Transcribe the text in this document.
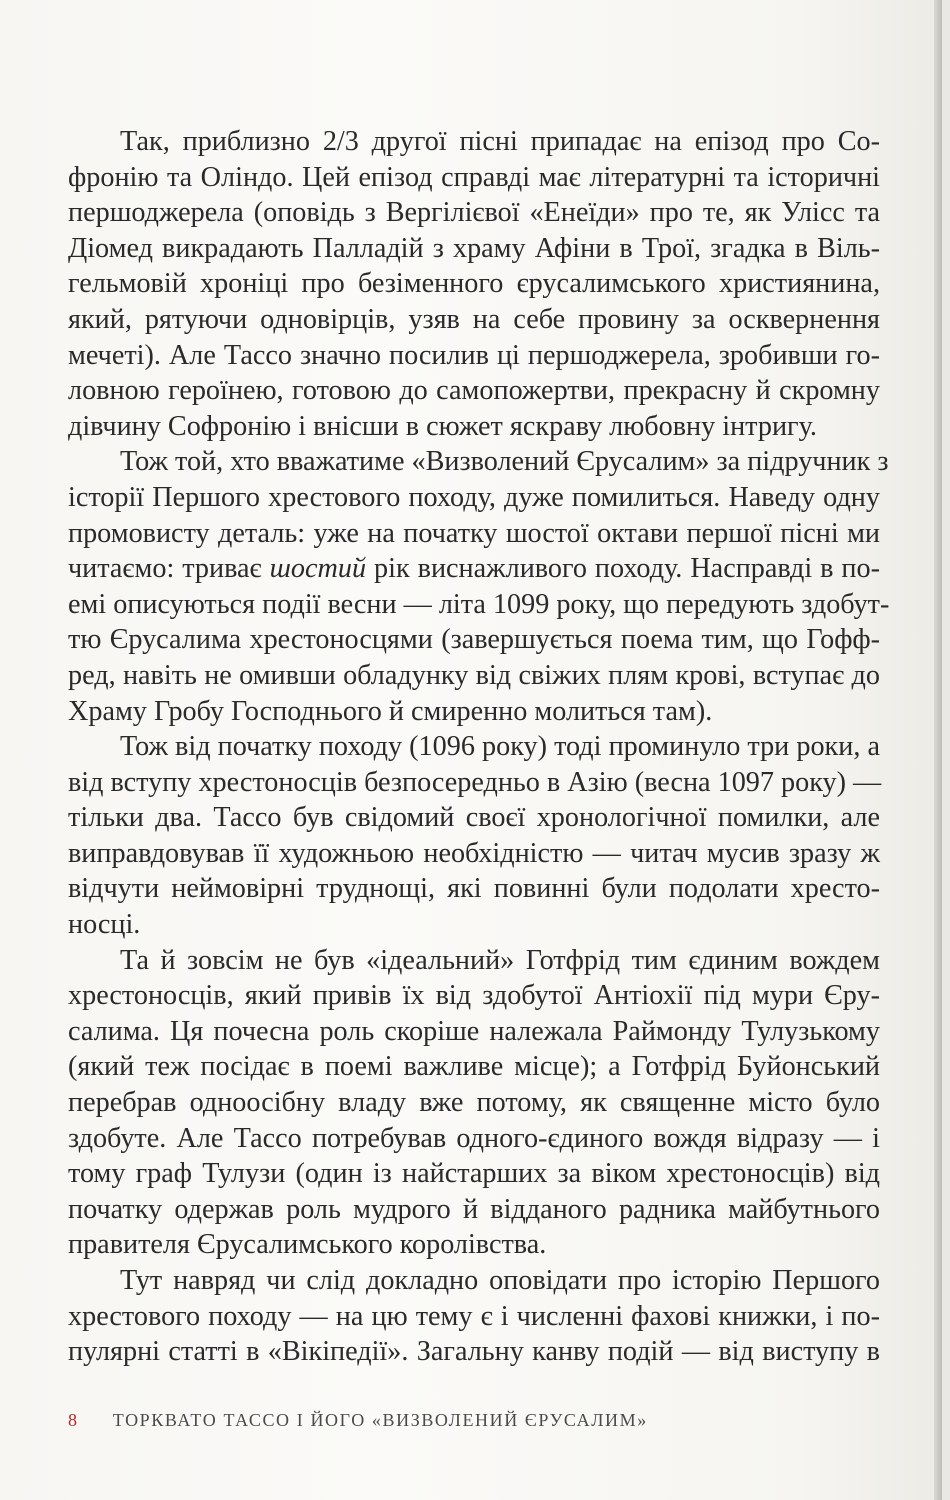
Так, приблизно 2/3 другої пісні припадає на епізод про Со-
фронію та Оліндо. Цей епізод справді має літературні та історичні
першоджерела (оповідь з Вергілієвої «Енеїди» про те, як Улісс та
Діомед викрадають Палладій з храму Афіни в Трої, згадка в Віль-
гельмовій хроніці про безіменного єрусалимського християнина,
який, рятуючи одновірців, узяв на себе провину за осквернення
мечеті). Але Тассо значно посилив ці першоджерела, зробивши го-
ловною героїнею, готовою до самопожертви, прекрасну й скромну
дівчину Софронію і внісши в сюжет яскраву любовну інтригу.
Тож той, хто вважатиме «Визволений Єрусалим» за підручник з
історії Першого хрестового походу, дуже помилиться. Наведу одну
промовисту деталь: уже на початку шостої октави першої пісні ми
читаємо: триває шостий рік виснажливого походу. Насправді в по-
емі описуються події весни — літа 1099 року, що передують здобут-
тю Єрусалима хрестоносцями (завершується поема тим, що Гофф-
ред, навіть не омивши обладунку від свіжих плям крові, вступає до
Храму Гробу Господнього й смиренно молиться там).
Тож від початку походу (1096 року) тоді проминуло три роки, а
від вступу хрестоносців безпосередньо в Азію (весна 1097 року) —
тільки два. Тассо був свідомий своєї хронологічної помилки, але
виправдовував її художньою необхідністю — читач мусив зразу ж
відчути неймовірні труднощі, які повинні були подолати хресто-
носці.
Та й зовсім не був «ідеальний» Готфрід тим єдиним вождем
хрестоносців, який привів їх від здобутої Антіохії під мури Єру-
салима. Ця почесна роль скоріше належала Раймонду Тулузькому
(який теж посідає в поемі важливе місце); а Готфрід Буйонський
перебрав одноосібну владу вже потому, як священне місто було
здобуте. Але Тассо потребував одного-єдиного вождя відразу — і
тому граф Тулузи (один із найстарших за віком хрестоносців) від
початку одержав роль мудрого й відданого радника майбутнього
правителя Єрусалимського королівства.
Тут навряд чи слід докладно оповідати про історію Першого
хрестового походу — на цю тему є і численні фахові книжки, і по-
пулярні статті в «Вікіпедії». Загальну канву подій — від виступу в
8 ТОРКВАТО ТАССО І ЙОГО «ВИЗВОЛЕНИЙ ЄРУСАЛИМ»
